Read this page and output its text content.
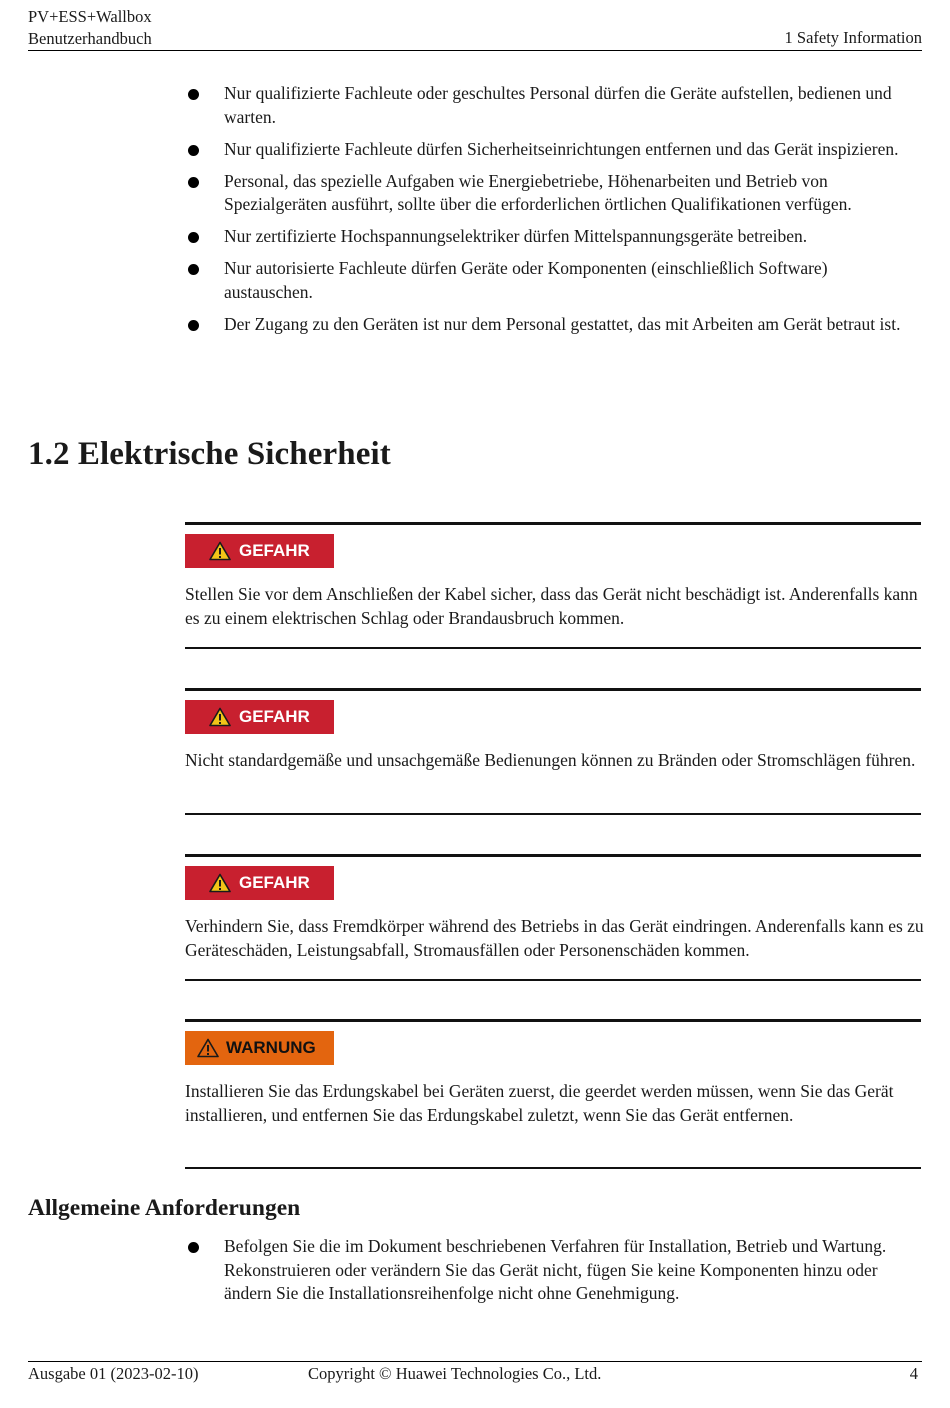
PV+ESS+Wallbox
Benutzerhandbuch	1 Safety Information
Nur qualifizierte Fachleute oder geschultes Personal dürfen die Geräte aufstellen, bedienen und warten.
Nur qualifizierte Fachleute dürfen Sicherheitseinrichtungen entfernen und das Gerät inspizieren.
Personal, das spezielle Aufgaben wie Energiebetriebe, Höhenarbeiten und Betrieb von Spezialgeräten ausführt, sollte über die erforderlichen örtlichen Qualifikationen verfügen.
Nur zertifizierte Hochspannungselektriker dürfen Mittelspannungsgeräte betreiben.
Nur autorisierte Fachleute dürfen Geräte oder Komponenten (einschließlich Software) austauschen.
Der Zugang zu den Geräten ist nur dem Personal gestattet, das mit Arbeiten am Gerät betraut ist.
1.2 Elektrische Sicherheit
GEFAHR
Stellen Sie vor dem Anschließen der Kabel sicher, dass das Gerät nicht beschädigt ist. Anderenfalls kann es zu einem elektrischen Schlag oder Brandausbruch kommen.
GEFAHR
Nicht standardgemäße und unsachgemäße Bedienungen können zu Bränden oder Stromschlägen führen.
GEFAHR
Verhindern Sie, dass Fremdkörper während des Betriebs in das Gerät eindringen. Anderenfalls kann es zu Geräteschäden, Leistungsabfall, Stromausfällen oder Personenschäden kommen.
WARNUNG
Installieren Sie das Erdungskabel bei Geräten zuerst, die geerdet werden müssen, wenn Sie das Gerät installieren, und entfernen Sie das Erdungskabel zuletzt, wenn Sie das Gerät entfernen.
Allgemeine Anforderungen
Befolgen Sie die im Dokument beschriebenen Verfahren für Installation, Betrieb und Wartung. Rekonstruieren oder verändern Sie das Gerät nicht, fügen Sie keine Komponenten hinzu oder ändern Sie die Installationsreihenfolge nicht ohne Genehmigung.
Ausgabe 01 (2023-02-10)	Copyright © Huawei Technologies Co., Ltd.	4
